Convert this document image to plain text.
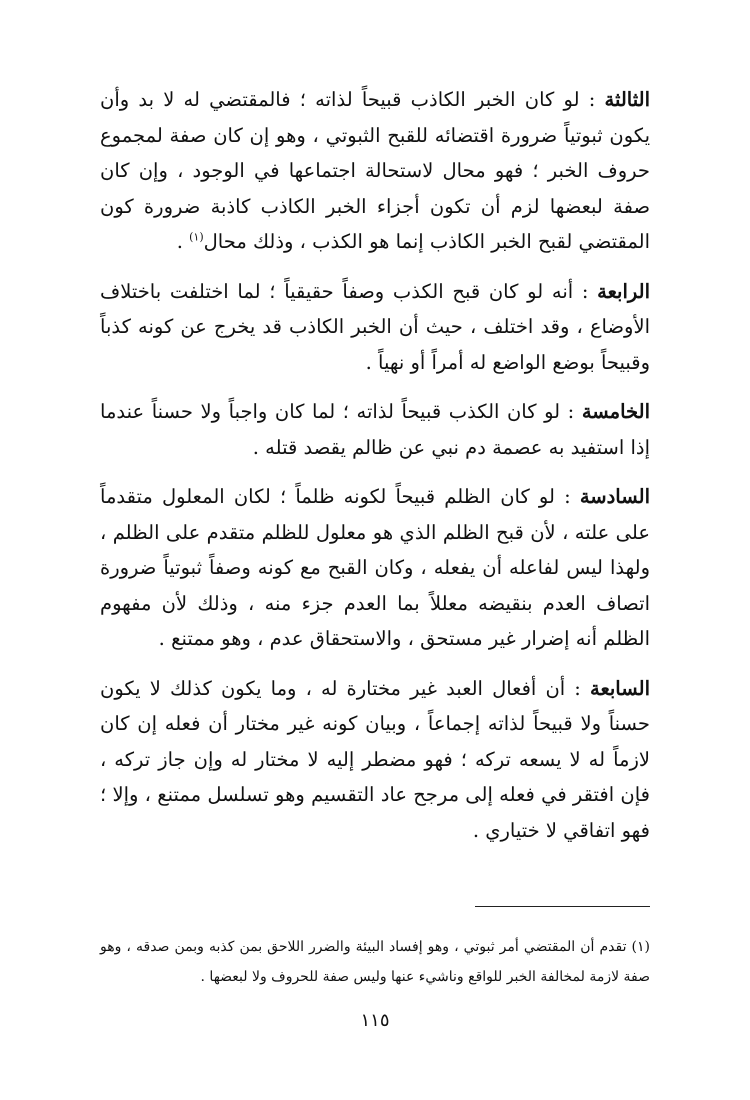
الثالثة : لو كان الخبر الكاذب قبيحاً لذاته ؛ فالمقتضي له لا بد وأن يكون ثبوتياً ضرورة اقتضائه للقبح الثبوتي ، وهو إن كان صفة لمجموع حروف الخبر ؛ فهو محال لاستحالة اجتماعها في الوجود ، وإن كان صفة لبعضها لزم أن تكون أجزاء الخبر الكاذب كاذبة ضرورة كون المقتضي لقبح الخبر الكاذب إنما هو الكذب ، وذلك محال$^{(١)}$ .

الرابعة : أنه لو كان قبح الكذب وصفاً حقيقياً ؛ لما اختلفت باختلاف الأوضاع ، وقد اختلف ، حيث أن الخبر الكاذب قد يخرج عن كونه كذباً وقبيحاً بوضع الواضع له أمراً أو نهياً .

الخامسة : لو كان الكذب قبيحاً لذاته ؛ لما كان واجباً ولا حسناً عندما إذا استفيد به عصمة دم نبي عن ظالم يقصد قتله .

السادسة : لو كان الظلم قبيحاً لكونه ظلماً ؛ لكان المعلول متقدماً على علته ، لأن قبح الظلم الذي هو معلول للظلم متقدم على الظلم ، ولهذا ليس لفاعله أن يفعله ، وكان القبح مع كونه وصفاً ثبوتياً ضرورة اتصاف العدم بنقيضه معللاً بما العدم جزء منه ، وذلك لأن مفهوم الظلم أنه إضرار غير مستحق ، والاستحقاق عدم ، وهو ممتنع .

السابعة : أن أفعال العبد غير مختارة له ، وما يكون كذلك لا يكون حسناً ولا قبيحاً لذاته إجماعاً ، وبيان كونه غير مختار أن فعله إن كان لازماً له لا يسعه تركه ؛ فهو مضطر إليه لا مختار له وإن جاز تركه ، فإن افتقر في فعله إلى مرجح عاد التقسيم وهو تسلسل ممتنع ، وإلا ؛ فهو اتفاقي لا ختياري .

(١) تقدم أن المقتضي أمر ثبوتي ، وهو إفساد البيئة والضرر اللاحق بمن كذبه وبمن صدقه ، وهو صفة لازمة لمخالفة الخبر للواقع وناشيء عنها وليس صفة للحروف ولا لبعضها .

١١٥
